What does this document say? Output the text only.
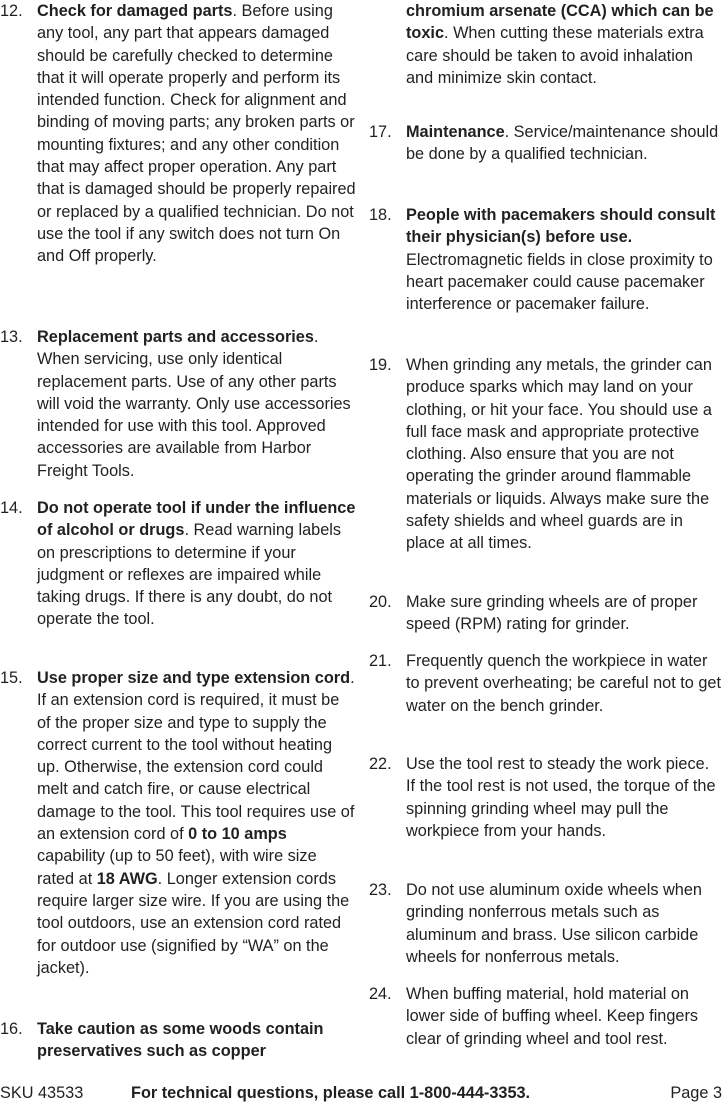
12. Check for damaged parts. Before using any tool, any part that appears damaged should be carefully checked to determine that it will operate properly and perform its intended function. Check for alignment and binding of moving parts; any broken parts or mounting fixtures; and any other condition that may affect proper operation. Any part that is damaged should be properly repaired or replaced by a qualified technician. Do not use the tool if any switch does not turn On and Off properly.

13. Replacement parts and accessories. When servicing, use only identical replacement parts. Use of any other parts will void the warranty. Only use accessories intended for use with this tool. Approved accessories are available from Harbor Freight Tools.

14. Do not operate tool if under the influence of alcohol or drugs. Read warning labels on prescriptions to determine if your judgment or reflexes are impaired while taking drugs. If there is any doubt, do not operate the tool.

15. Use proper size and type extension cord. If an extension cord is required, it must be of the proper size and type to supply the correct current to the tool without heating up. Otherwise, the extension cord could melt and catch fire, or cause electrical damage to the tool. This tool requires use of an extension cord of 0 to 10 amps capability (up to 50 feet), with wire size rated at 18 AWG. Longer extension cords require larger size wire. If you are using the tool outdoors, use an extension cord rated for outdoor use (signified by “WA” on the jacket).

16. Take caution as some woods contain preservatives such as copper

chromium arsenate (CCA) which can be toxic. When cutting these materials extra care should be taken to avoid inhalation and minimize skin contact.

17. Maintenance. Service/maintenance should be done by a qualified technician.

18. People with pacemakers should consult their physician(s) before use. Electromagnetic fields in close proximity to heart pacemaker could cause pacemaker interference or pacemaker failure.

19. When grinding any metals, the grinder can produce sparks which may land on your clothing, or hit your face. You should use a full face mask and appropriate protective clothing. Also ensure that you are not operating the grinder around flammable materials or liquids. Always make sure the safety shields and wheel guards are in place at all times.

20. Make sure grinding wheels are of proper speed (RPM) rating for grinder.

21. Frequently quench the workpiece in water to prevent overheating; be careful not to get water on the bench grinder.

22. Use the tool rest to steady the work piece. If the tool rest is not used, the torque of the spinning grinding wheel may pull the workpiece from your hands.

23. Do not use aluminum oxide wheels when grinding nonferrous metals such as aluminum and brass. Use silicon carbide wheels for nonferrous metals.

24. When buffing material, hold material on lower side of buffing wheel. Keep fingers clear of grinding wheel and tool rest.

SKU 43533	For technical questions, please call 1-800-444-3353.	Page 3
